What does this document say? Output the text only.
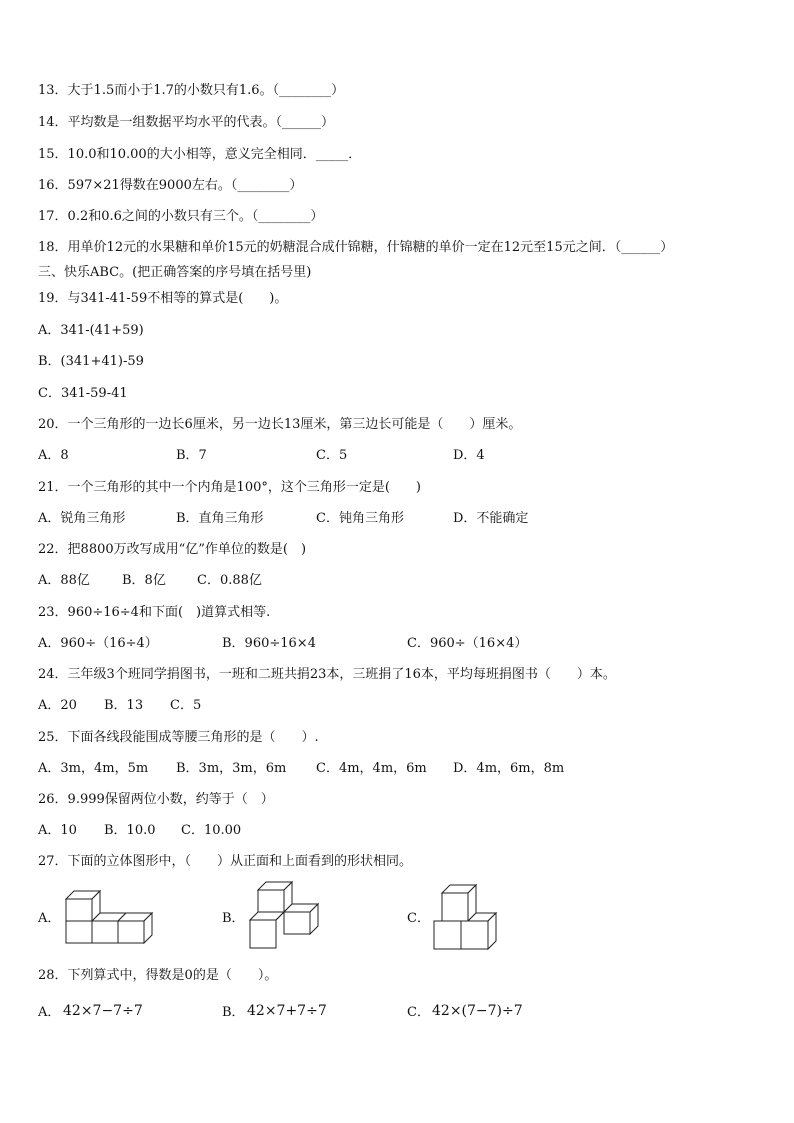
13．大于1.5而小于1.7的小数只有1.6。（________）
14．平均数是一组数据平均水平的代表。（______）
15．10.0和10.00的大小相等，意义完全相同．_____．
16．597×21得数在9000左右。（________）
17．0.2和0.6之间的小数只有三个。（________）
18．用单价12元的水果糖和单价15元的奶糖混合成什锦糖，什锦糖的单价一定在12元至15元之间．（______）
三、快乐ABC。(把正确答案的序号填在括号里)
19．与341-41-59不相等的算式是(　　)。
A．341-(41+59)
B．(341+41)-59
C．341-59-41
20．一个三角形的一边长6厘米，另一边长13厘米，第三边长可能是（　　）厘米。
A．8	B．7	C．5	D．4
21．一个三角形的其中一个内角是100°，这个三角形一定是(　　)
A．锐角三角形	B．直角三角形	C．钝角三角形	D．不能确定
22．把8800万改写成用“亿”作单位的数是(　)
A．88亿 B．8亿 C．0.88亿
23．960÷16÷4和下面(　)道算式相等.
A．960÷（16÷4）	B．960÷16×4	C．960÷（16×4）
24．三年级3个班同学捐图书，一班和二班共捐23本，三班捐了16本，平均每班捐图书（　　）本。
A．20 B．13 C．5
25．下面各线段能围成等腰三角形的是（　　）.
A．3m，4m，5m B．3m，3m，6m C．4m，4m，6m D．4m，6m，8m
26．9.999保留两位小数，约等于（　）
A．10 B．10.0 C．10.00
27．下面的立体图形中，（　　）从正面和上面看到的形状相同。
A．	B．	C．
28．下列算式中，得数是0的是（　　）。
A． 42×7−7÷7	B． 42×7+7÷7	C． 42×(7−7)÷7
